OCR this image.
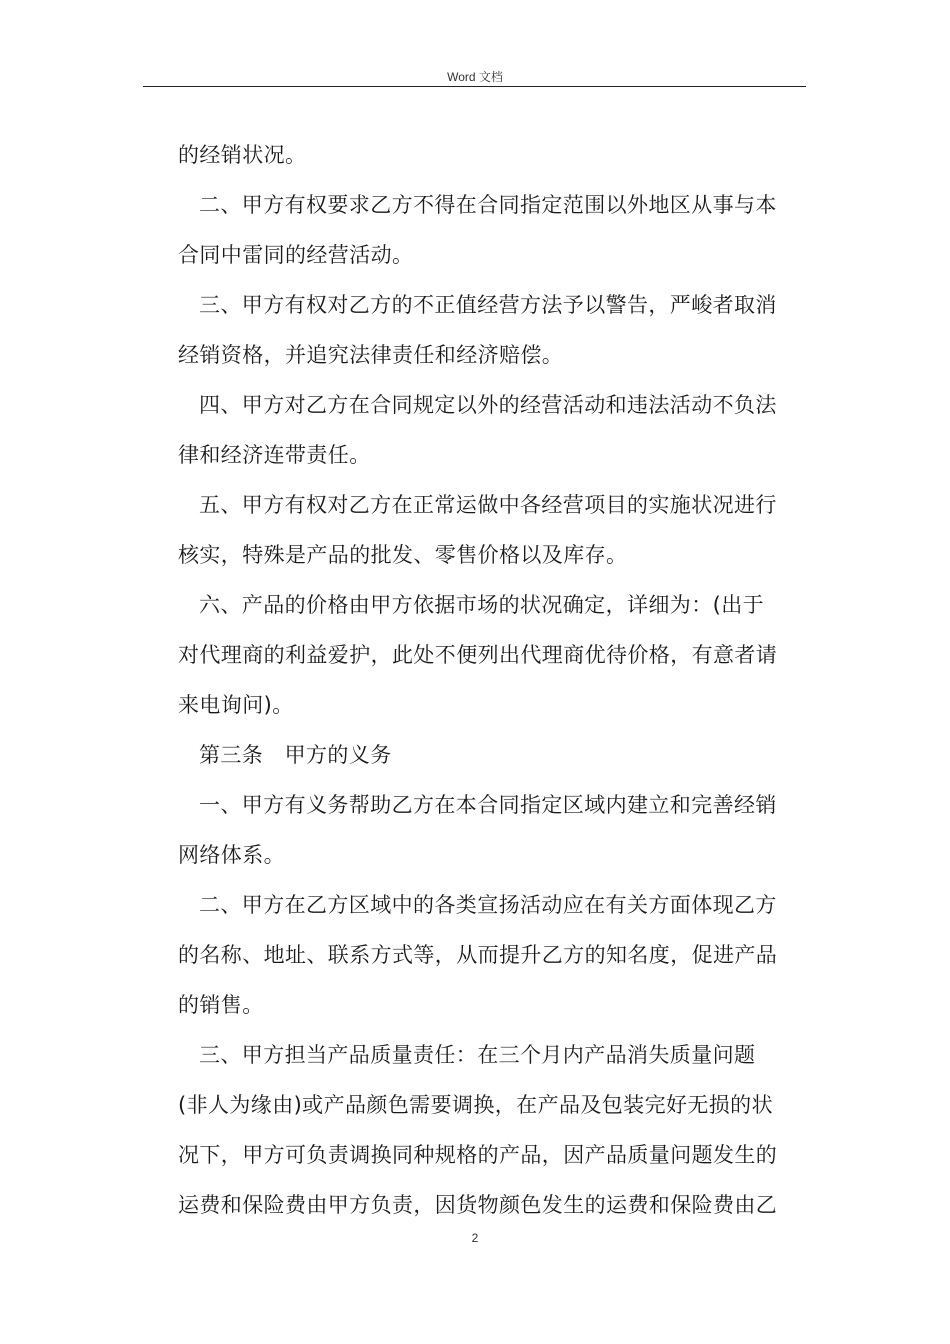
Word 文档
的经销状况。
二、甲方有权要求乙方不得在合同指定范围以外地区从事与本
合同中雷同的经营活动。
三、甲方有权对乙方的不正值经营方法予以警告，严峻者取消
经销资格，并追究法律责任和经济赔偿。
四、甲方对乙方在合同规定以外的经营活动和违法活动不负法
律和经济连带责任。
五、甲方有权对乙方在正常运做中各经营项目的实施状况进行
核实，特殊是产品的批发、零售价格以及库存。
六、产品的价格由甲方依据市场的状况确定，详细为：(出于
对代理商的利益爱护，此处不便列出代理商优待价格，有意者请
来电询问)。
第三条　甲方的义务
一、甲方有义务帮助乙方在本合同指定区域内建立和完善经销
网络体系。
二、甲方在乙方区域中的各类宣扬活动应在有关方面体现乙方
的名称、地址、联系方式等，从而提升乙方的知名度，促进产品
的销售。
三、甲方担当产品质量责任：在三个月内产品消失质量问题
(非人为缘由)或产品颜色需要调换，在产品及包装完好无损的状
况下，甲方可负责调换同种规格的产品，因产品质量问题发生的
运费和保险费由甲方负责，因货物颜色发生的运费和保险费由乙
2
